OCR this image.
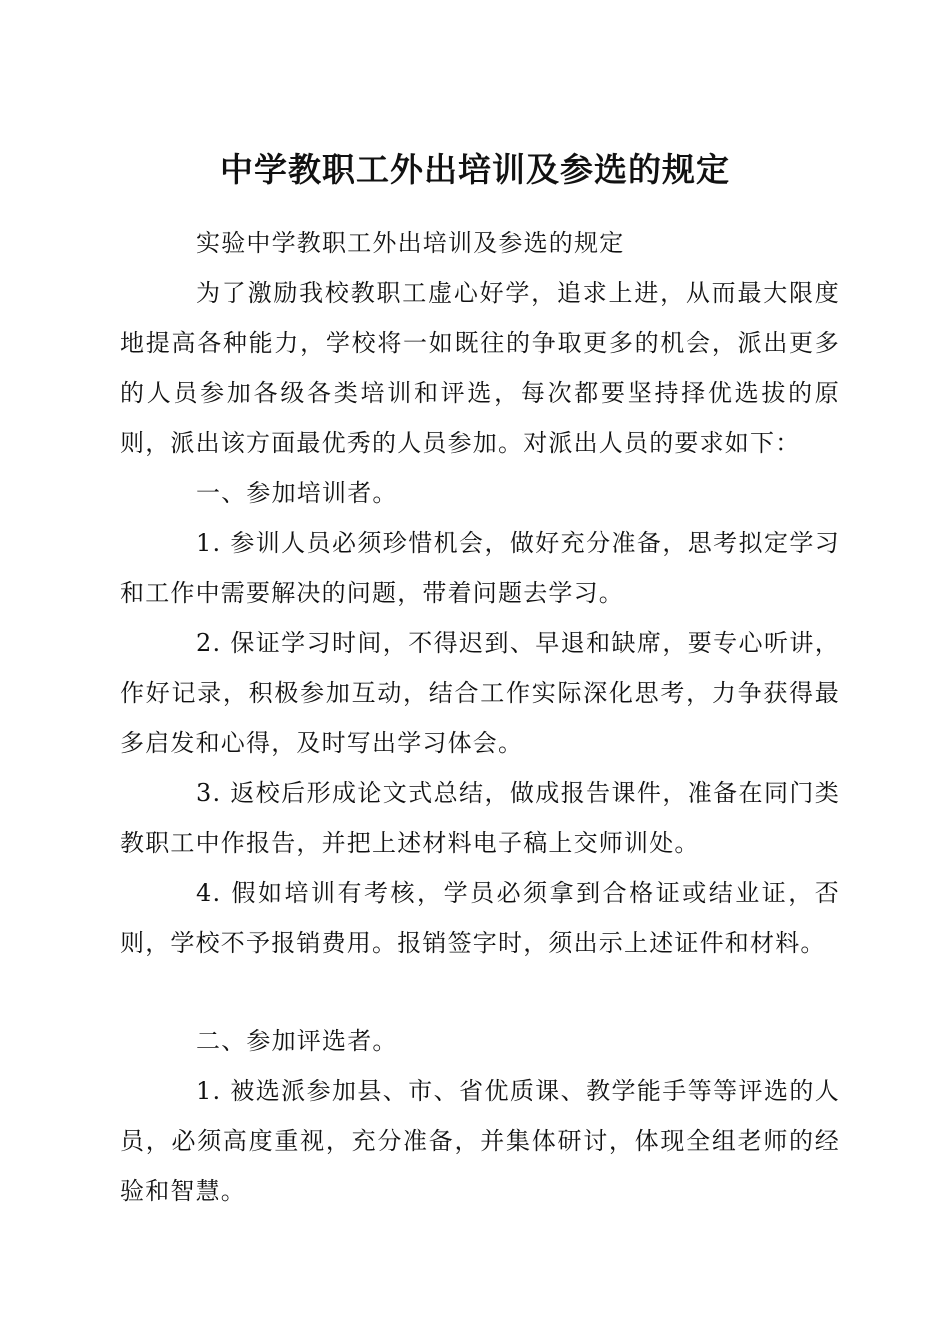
中学教职工外出培训及参选的规定

实验中学教职工外出培训及参选的规定

为了激励我校教职工虚心好学，追求上进，从而最大限度地提高各种能力，学校将一如既往的争取更多的机会，派出更多的人员参加各级各类培训和评选，每次都要坚持择优选拔的原则，派出该方面最优秀的人员参加。对派出人员的要求如下：

一、参加培训者。

1. 参训人员必须珍惜机会，做好充分准备，思考拟定学习和工作中需要解决的问题，带着问题去学习。

2. 保证学习时间，不得迟到、早退和缺席，要专心听讲，作好记录，积极参加互动，结合工作实际深化思考，力争获得最多启发和心得，及时写出学习体会。

3. 返校后形成论文式总结，做成报告课件，准备在同门类教职工中作报告，并把上述材料电子稿上交师训处。

4. 假如培训有考核，学员必须拿到合格证或结业证，否则，学校不予报销费用。报销签字时，须出示上述证件和材料。

二、参加评选者。

1. 被选派参加县、市、省优质课、教学能手等等评选的人员，必须高度重视，充分准备，并集体研讨，体现全组老师的经验和智慧。
